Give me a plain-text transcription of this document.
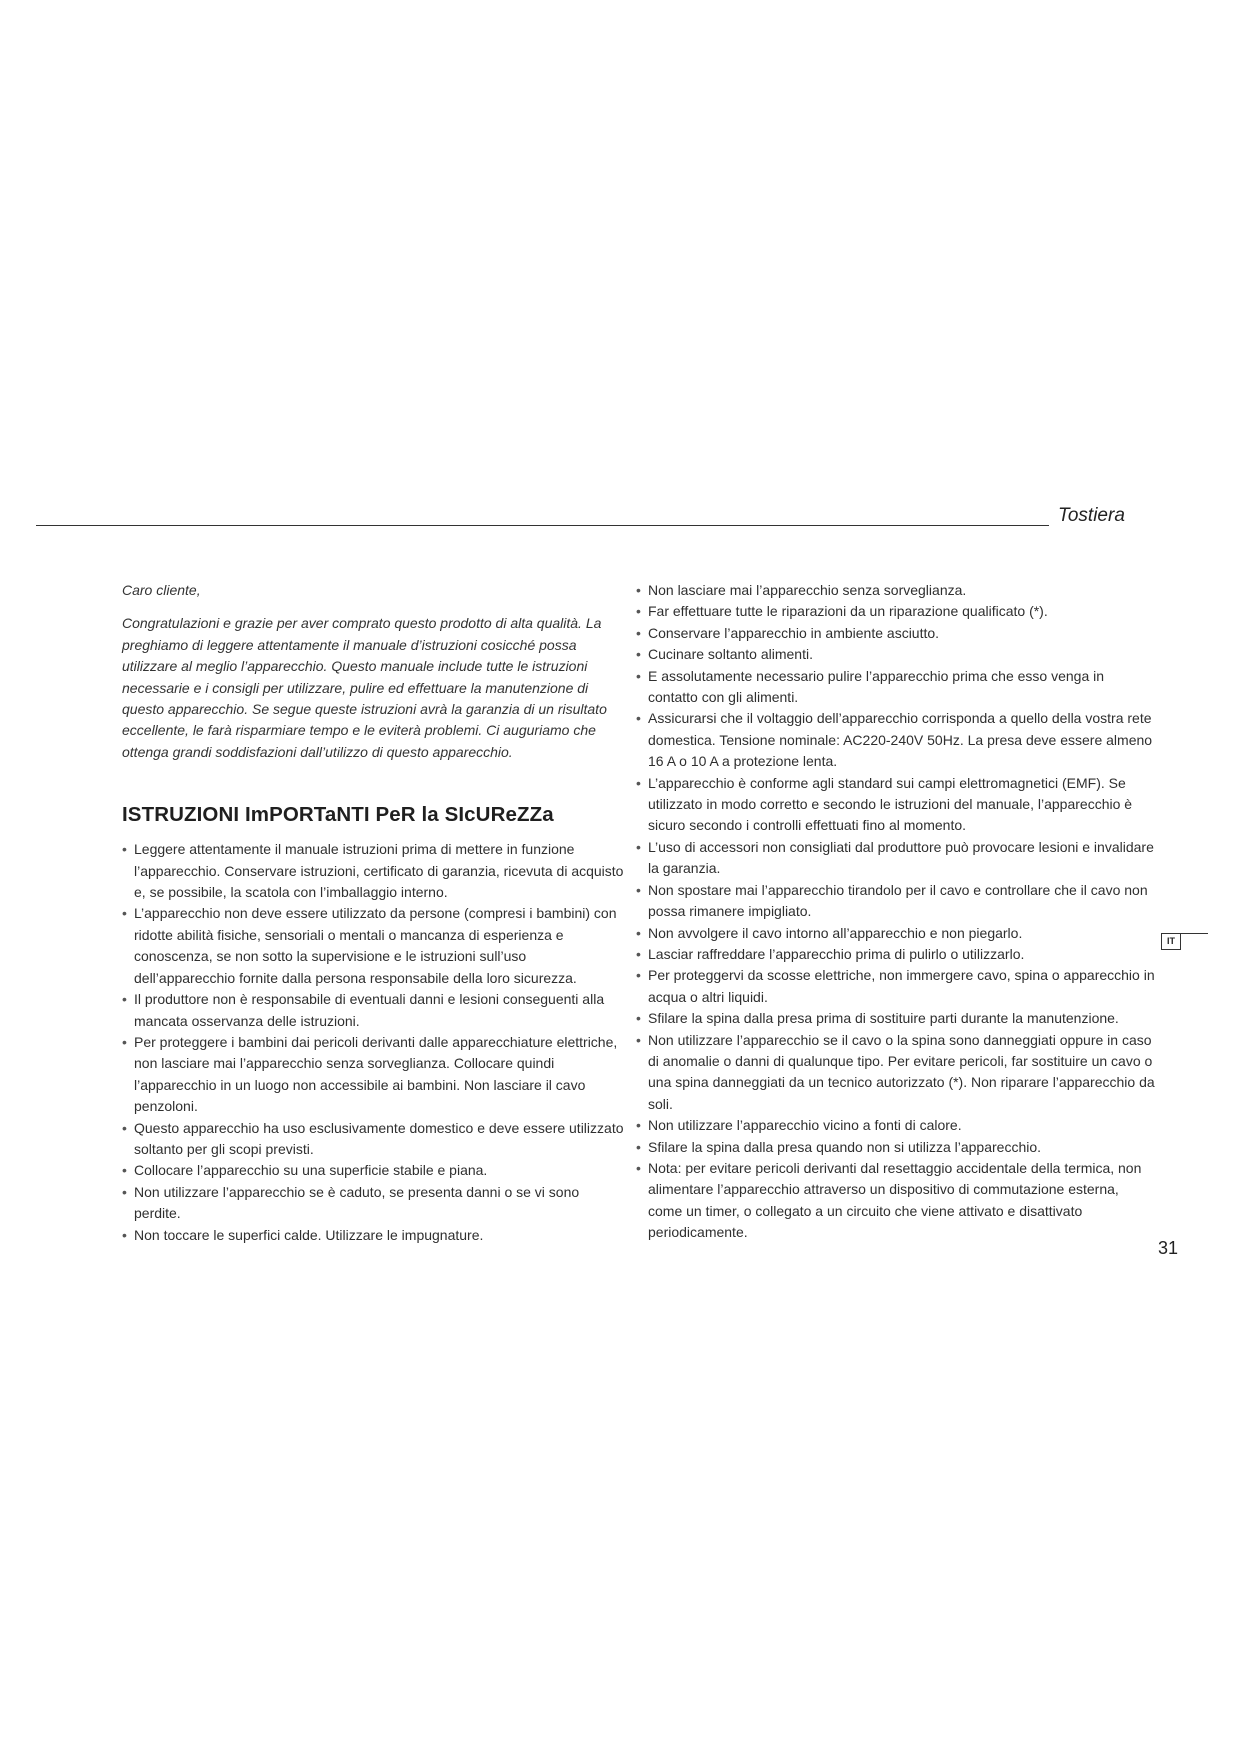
Tostiera

Caro cliente,

Congratulazioni e grazie per aver comprato questo prodotto di alta qualità. La preghiamo di leggere attentamente il manuale d’istruzioni cosicché possa utilizzare al meglio l’apparecchio. Questo manuale include tutte le istruzioni necessarie e i consigli per utilizzare, pulire ed effettuare la manutenzione di questo apparecchio. Se segue queste istruzioni avrà la garanzia di un risultato eccellente, le farà risparmiare tempo e le eviterà problemi. Ci auguriamo che ottenga grandi soddisfazioni dall’utilizzo di questo apparecchio.

ISTRUZIONI ImPORTaNTI PeR la SIcUReZZa
• Leggere attentamente il manuale istruzioni prima di mettere in funzione l’apparecchio. Conservare istruzioni, certificato di garanzia, ricevuta di acquisto e, se possibile, la scatola con l’imballaggio interno.
• L’apparecchio non deve essere utilizzato da persone (compresi i bambini) con ridotte abilità fisiche, sensoriali o mentali o mancanza di esperienza e conoscenza, se non sotto la supervisione e le istruzioni sull’uso dell’apparecchio fornite dalla persona responsabile della loro sicurezza.
• Il produttore non è responsabile di eventuali danni e lesioni conseguenti alla mancata osservanza delle istruzioni.
• Per proteggere i bambini dai pericoli derivanti dalle apparecchiature elettriche, non lasciare mai l’apparecchio senza sorveglianza. Collocare quindi l’apparecchio in un luogo non accessibile ai bambini. Non lasciare il cavo penzoloni.
• Questo apparecchio ha uso esclusivamente domestico e deve essere utilizzato soltanto per gli scopi previsti.
• Collocare l’apparecchio su una superficie stabile e piana.
• Non utilizzare l’apparecchio se è caduto, se presenta danni o se vi sono perdite.
• Non toccare le superfici calde. Utilizzare le impugnature.
• Non lasciare mai l’apparecchio senza sorveglianza.
• Far effettuare tutte le riparazioni da un riparazione qualificato (*).
• Conservare l’apparecchio in ambiente asciutto.
• Cucinare soltanto alimenti.
• E assolutamente necessario pulire l’apparecchio prima che esso venga in contatto con gli alimenti.
• Assicurarsi che il voltaggio dell’apparecchio corrisponda a quello della vostra rete domestica. Tensione nominale: AC220-240V 50Hz. La presa deve essere almeno 16 A o 10 A a protezione lenta.
• L’apparecchio è conforme agli standard sui campi elettromagnetici (EMF). Se utilizzato in modo corretto e secondo le istruzioni del manuale, l’apparecchio è sicuro secondo i controlli effettuati fino al momento.
• L’uso di accessori non consigliati dal produttore può provocare lesioni e invalidare la garanzia.
• Non spostare mai l’apparecchio tirandolo per il cavo e controllare che il cavo non possa rimanere impigliato.
• Non avvolgere il cavo intorno all’apparecchio e non piegarlo.
• Lasciar raffreddare l’apparecchio prima di pulirlo o utilizzarlo.
• Per proteggervi da scosse elettriche, non immergere cavo, spina o apparecchio in acqua o altri liquidi.
• Sfilare la spina dalla presa prima di sostituire parti durante la manutenzione.
• Non utilizzare l’apparecchio se il cavo o la spina sono danneggiati oppure in caso di anomalie o danni di qualunque tipo. Per evitare pericoli, far sostituire un cavo o una spina danneggiati da un tecnico autorizzato (*). Non riparare l’apparecchio da soli.
• Non utilizzare l’apparecchio vicino a fonti di calore.
• Sfilare la spina dalla presa quando non si utilizza l’apparecchio.
• Nota: per evitare pericoli derivanti dal resettaggio accidentale della termica, non alimentare l’apparecchio attraverso un dispositivo di commutazione esterna, come un timer, o collegato a un circuito che viene attivato e disattivato periodicamente.
IT
31
